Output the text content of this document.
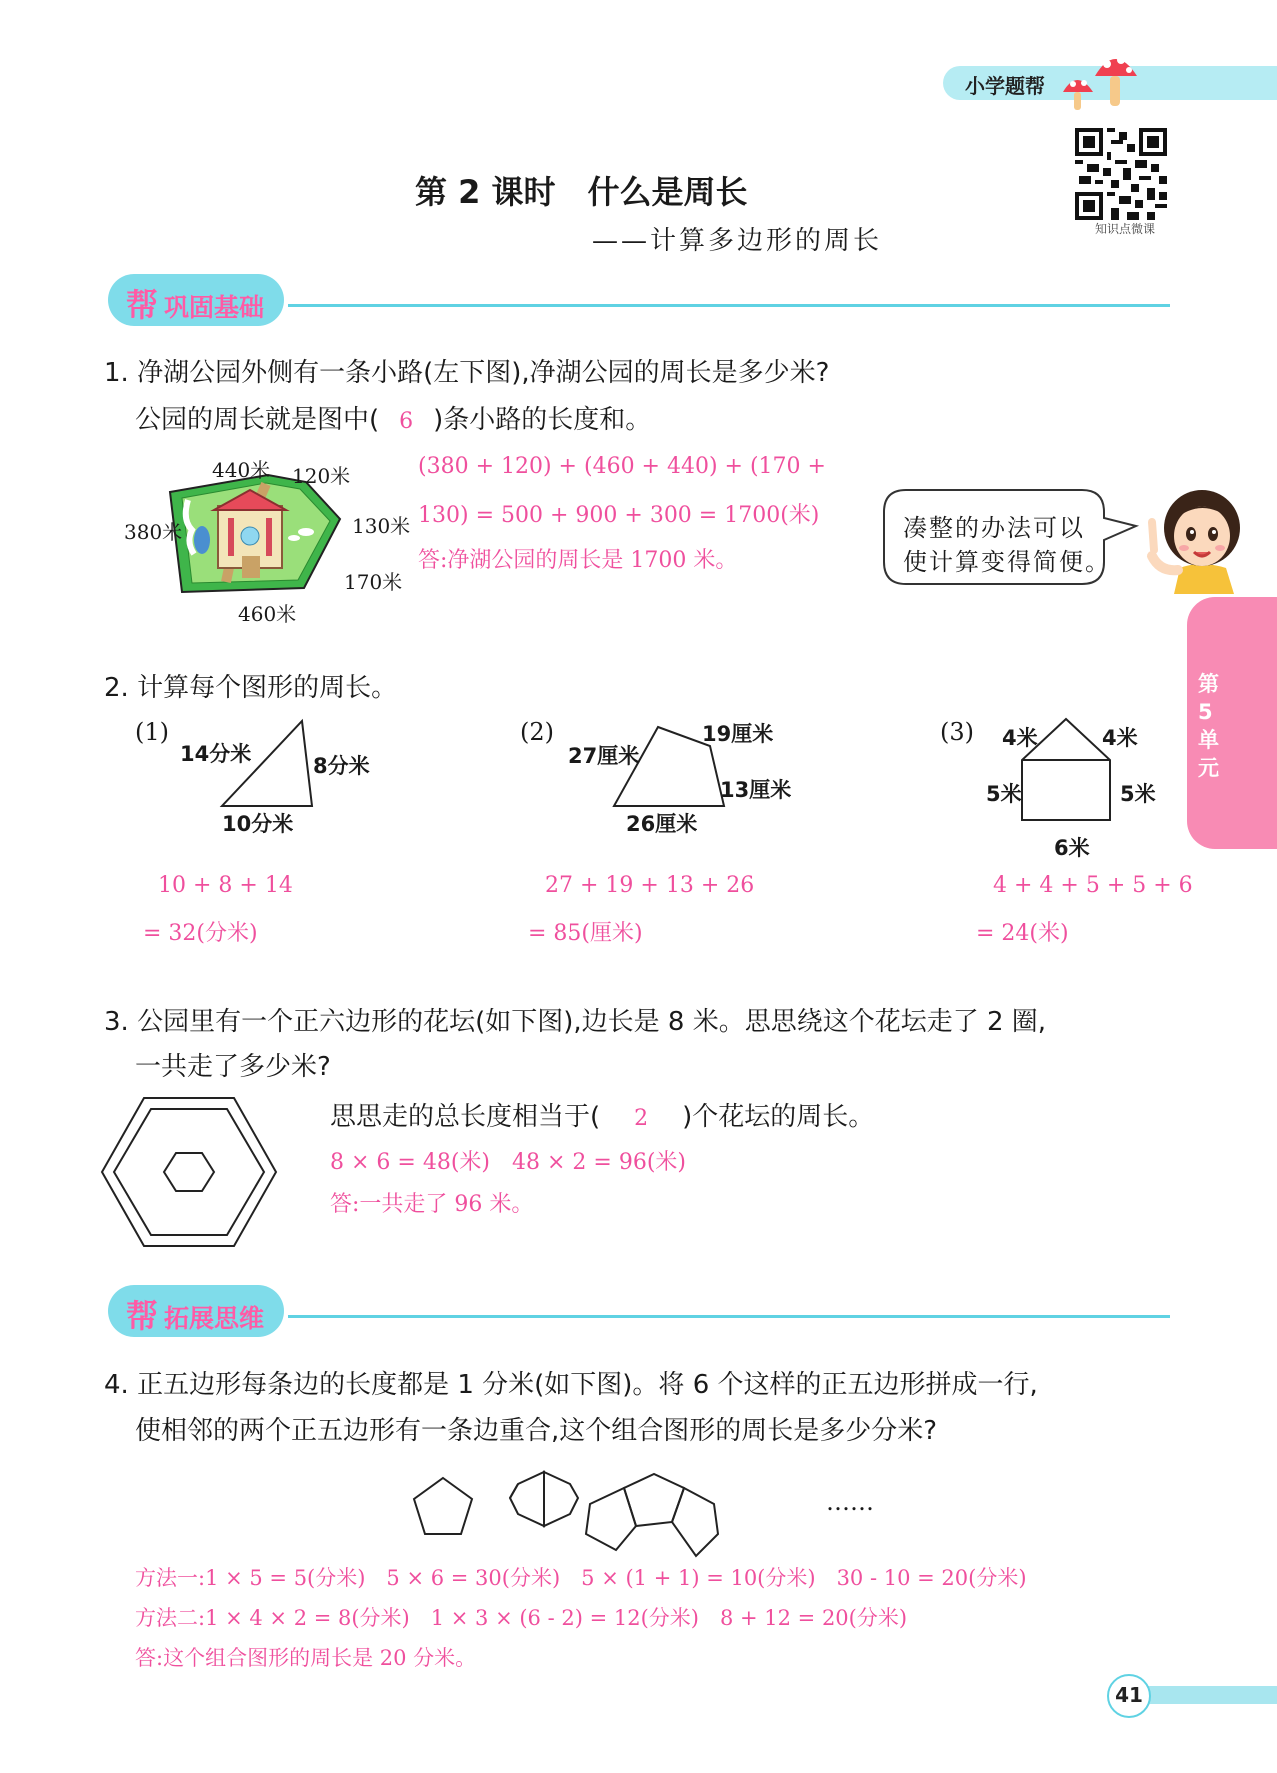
小学题帮
知识点微课
第 2 课时　什么是周长
——计算多边形的周长
帮 巩固基础
第5单元
1. 净湖公园外侧有一条小路(左下图),净湖公园的周长是多少米?
公园的周长就是图中( 6 )条小路的长度和。
440米 120米
380米	130米
170米
460米
(380 + 120) + (460 + 440) + (170 +
130) = 500 + 900 + 300 = 1700(米)
答:净湖公园的周长是 1700 米。
凑整的办法可以
使计算变得简便。
2. 计算每个图形的周长。
(1)
14分米	8分米
10分米
10 + 8 + 14
= 32(分米)
(2)
27厘米
19厘米
13厘米
26厘米
27 + 19 + 13 + 26
= 85(厘米)
(3) 4米	4米
5米	5米
6米
4 + 4 + 5 + 5 + 6
= 24(米)
3. 公园里有一个正六边形的花坛(如下图),边长是 8 米。思思绕这个花坛走了 2 圈,
一共走了多少米?
思思走的总长度相当于( 2 )个花坛的周长。
8 × 6 = 48(米)　48 × 2 = 96(米)
答:一共走了 96 米。
帮 拓展思维
4. 正五边形每条边的长度都是 1 分米(如下图)。将 6 个这样的正五边形拼成一行,
使相邻的两个正五边形有一条边重合,这个组合图形的周长是多少分米?
……
方法一:1 × 5 = 5(分米)　5 × 6 = 30(分米)　5 × (1 + 1) = 10(分米)　30 - 10 = 20(分米)
方法二:1 × 4 × 2 = 8(分米)　1 × 3 × (6 - 2) = 12(分米)　8 + 12 = 20(分米)
答:这个组合图形的周长是 20 分米。
41
